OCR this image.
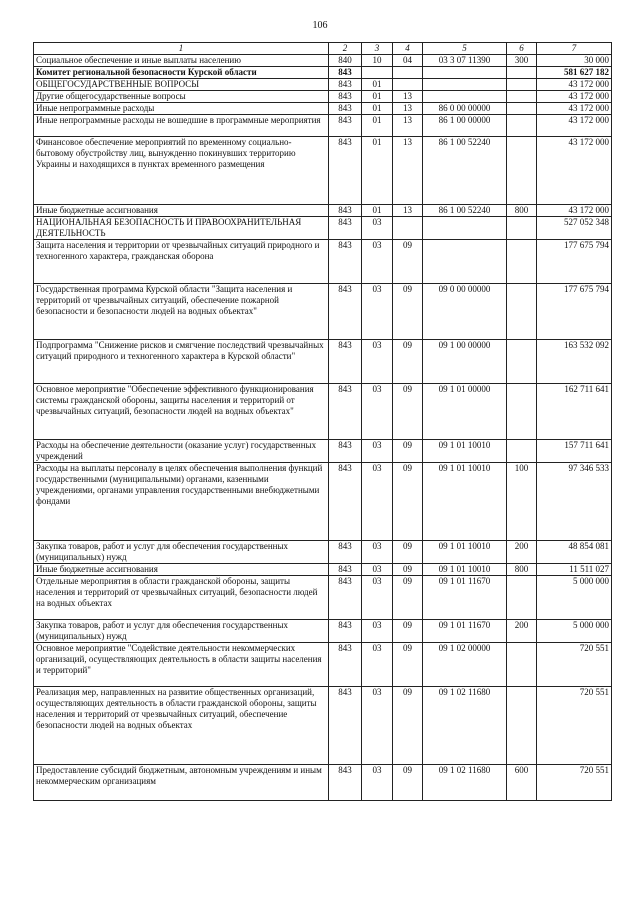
106
1	2	3	4	5	6	7
Социальное обеспечение и иные выплаты населению	840	10	04	03 3 07 11390	300	30 000
Комитет региональной безопасности Курской области	843					581 627 182
ОБЩЕГОСУДАРСТВЕННЫЕ ВОПРОСЫ	843	01				43 172 000
Другие общегосударственные вопросы	843	01	13			43 172 000
Иные непрограммные расходы	843	01	13	86 0 00 00000		43 172 000
Иные непрограммные расходы не вошедшие в программные мероприятия	843	01	13	86 1 00 00000		43 172 000
Финансовое обеспечение мероприятий по временному социально-бытовому обустройству лиц, вынужденно покинувших территорию Украины и находящихся в пунктах временного размещения	843	01	13	86 1 00 52240		43 172 000
Иные бюджетные ассигнования	843	01	13	86 1 00 52240	800	43 172 000
НАЦИОНАЛЬНАЯ БЕЗОПАСНОСТЬ И ПРАВООХРАНИТЕЛЬНАЯ ДЕЯТЕЛЬНОСТЬ	843	03				527 052 348
Защита населения и территории от чрезвычайных ситуаций природного и техногенного характера, гражданская оборона	843	03	09			177 675 794
Государственная программа Курской области "Защита населения и территорий от чрезвычайных ситуаций, обеспечение пожарной безопасности и безопасности людей на водных объектах"	843	03	09	09 0 00 00000		177 675 794
Подпрограмма "Снижение рисков и смягчение последствий чрезвычайных ситуаций природного и техногенного характера в Курской области"	843	03	09	09 1 00 00000		163 532 092
Основное мероприятие "Обеспечение эффективного функционирования системы гражданской обороны, защиты населения и территорий от чрезвычайных ситуаций, безопасности людей на водных объектах"	843	03	09	09 1 01 00000		162 711 641
Расходы на обеспечение деятельности (оказание услуг) государственных учреждений	843	03	09	09 1 01 10010		157 711 641
Расходы на выплаты персоналу в целях обеспечения выполнения функций государственными (муниципальными) органами, казенными учреждениями, органами управления государственными внебюджетными фондами	843	03	09	09 1 01 10010	100	97 346 533
Закупка товаров, работ и услуг для обеспечения государственных (муниципальных) нужд	843	03	09	09 1 01 10010	200	48 854 081
Иные бюджетные ассигнования	843	03	09	09 1 01 10010	800	11 511 027
Отдельные мероприятия в области гражданской обороны, защиты населения и территорий от чрезвычайных ситуаций, безопасности людей на водных объектах	843	03	09	09 1 01 11670		5 000 000
Закупка товаров, работ и услуг для обеспечения государственных (муниципальных) нужд	843	03	09	09 1 01 11670	200	5 000 000
Основное мероприятие "Содействие деятельности некоммерческих организаций, осуществляющих деятельность в области защиты населения и территорий"	843	03	09	09 1 02 00000		720 551
Реализация мер, направленных на развитие общественных организаций, осуществляющих деятельность в области гражданской обороны, защиты населения и территорий от чрезвычайных ситуаций, обеспечение безопасности людей на водных объектах	843	03	09	09 1 02 11680		720 551
Предоставление субсидий бюджетным, автономным учреждениям и иным некоммерческим организациям	843	03	09	09 1 02 11680	600	720 551
